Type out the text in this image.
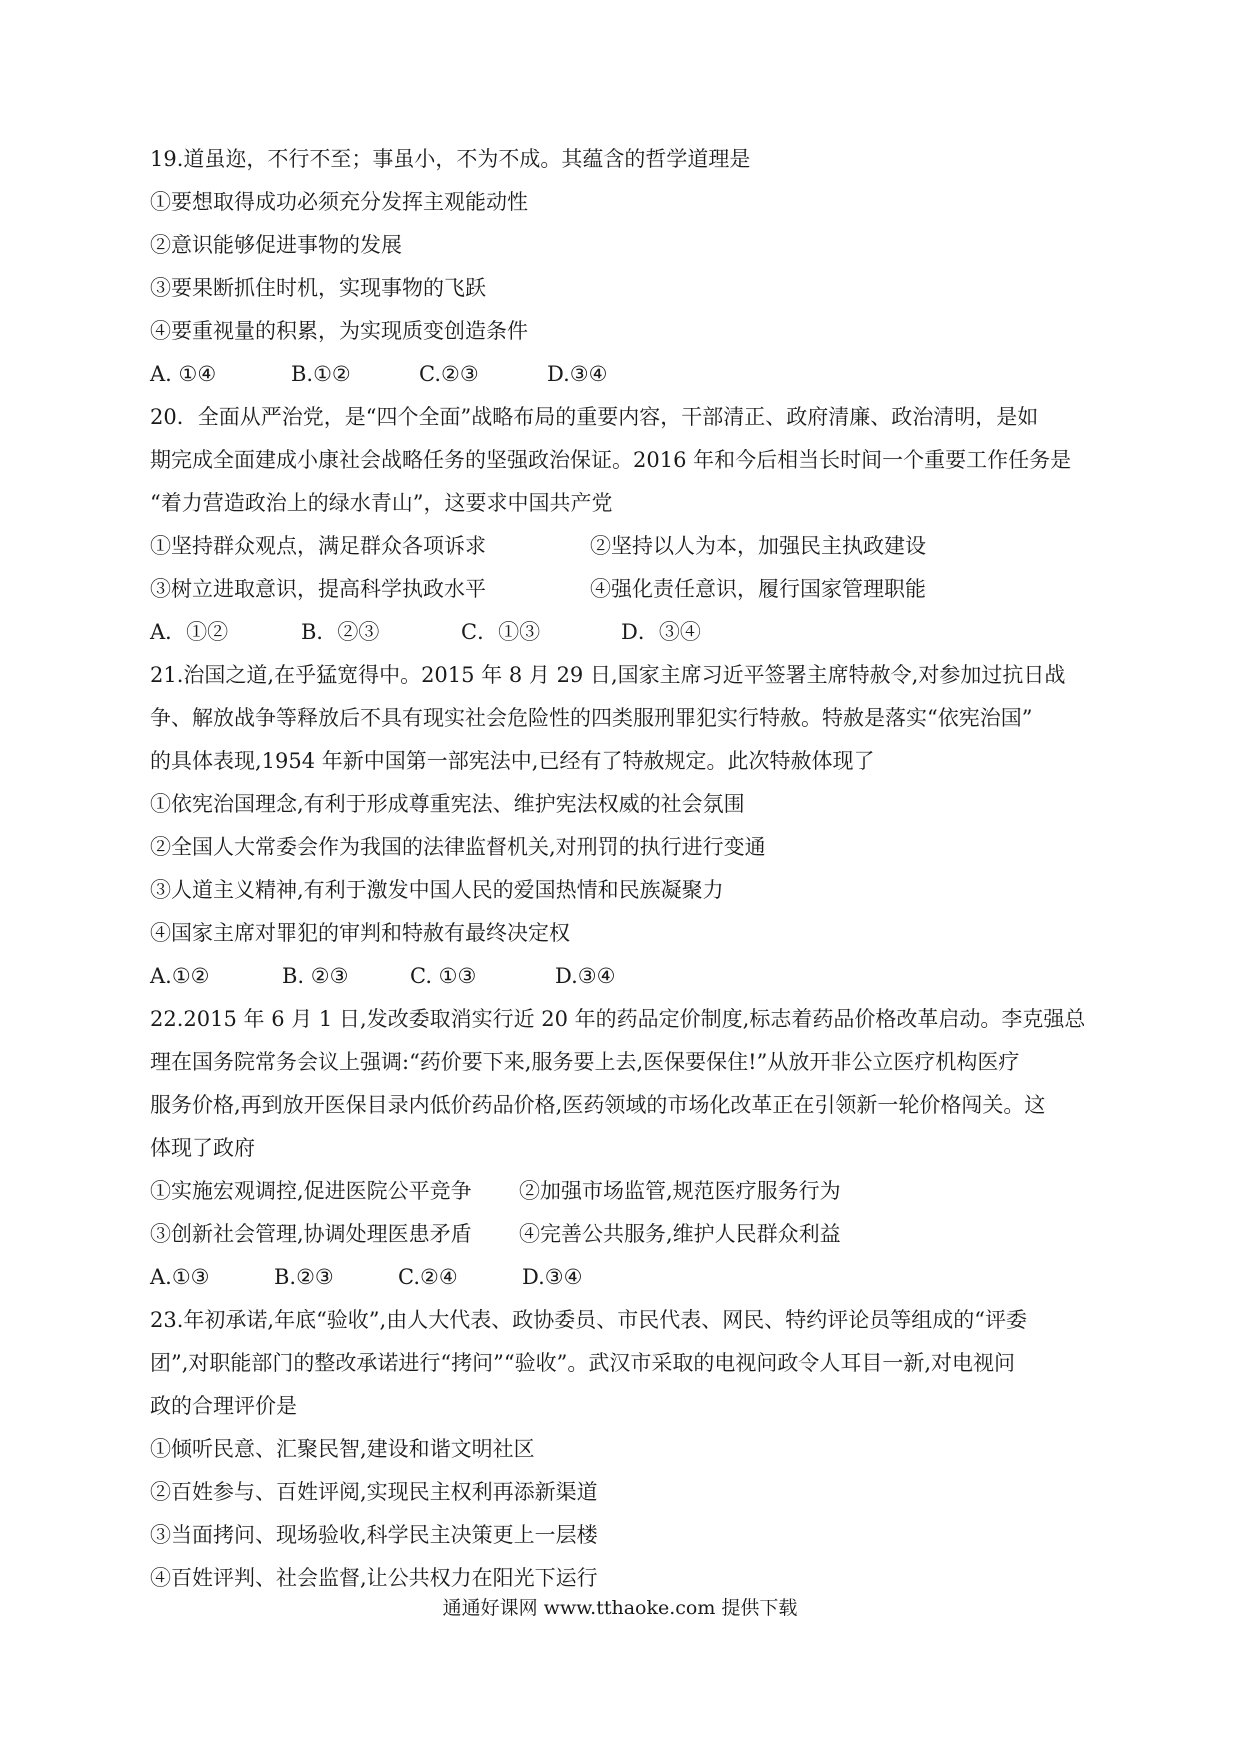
19.道虽迩，不行不至；事虽小，不为不成。其蕴含的哲学道理是
①要想取得成功必须充分发挥主观能动性
②意识能够促进事物的发展
③要果断抓住时机，实现事物的飞跃
④要重视量的积累，为实现质变创造条件
A. ①④	B.①②	C.②③	D.③④
20．全面从严治党，是“四个全面”战略布局的重要内容，干部清正、政府清廉、政治清明，是如
期完成全面建成小康社会战略任务的坚强政治保证。2016 年和今后相当长时间一个重要工作任务是
“着力营造政治上的绿水青山”，这要求中国共产党
①坚持群众观点，满足群众各项诉求	②坚持以人为本，加强民主执政建设
③树立进取意识，提高科学执政水平	④强化责任意识，履行国家管理职能
A．①②	B．②③	C．①③	D．③④
21.治国之道,在乎猛宽得中。2015 年 8 月 29 日,国家主席习近平签署主席特赦令,对参加过抗日战
争、解放战争等释放后不具有现实社会危险性的四类服刑罪犯实行特赦。特赦是落实“依宪治国”
的具体表现,1954 年新中国第一部宪法中,已经有了特赦规定。此次特赦体现了
①依宪治国理念,有利于形成尊重宪法、维护宪法权威的社会氛围
②全国人大常委会作为我国的法律监督机关,对刑罚的执行进行变通
③人道主义精神,有利于激发中国人民的爱国热情和民族凝聚力
④国家主席对罪犯的审判和特赦有最终决定权
A.①②	B. ②③	C. ①③	D.③④
22.2015 年 6 月 1 日,发改委取消实行近 20 年的药品定价制度,标志着药品价格改革启动。李克强总
理在国务院常务会议上强调:“药价要下来,服务要上去,医保要保住!”从放开非公立医疗机构医疗
服务价格,再到放开医保目录内低价药品价格,医药领域的市场化改革正在引领新一轮价格闯关。这
体现了政府
①实施宏观调控,促进医院公平竞争	②加强市场监管,规范医疗服务行为
③创新社会管理,协调处理医患矛盾	④完善公共服务,维护人民群众利益
A.①③	B.②③	C.②④	D.③④
23.年初承诺,年底“验收”,由人大代表、政协委员、市民代表、网民、特约评论员等组成的“评委
团”,对职能部门的整改承诺进行“拷问”“验收”。武汉市采取的电视问政令人耳目一新,对电视问
政的合理评价是
①倾听民意、汇聚民智,建设和谐文明社区
②百姓参与、百姓评阅,实现民主权利再添新渠道
③当面拷问、现场验收,科学民主决策更上一层楼
④百姓评判、社会监督,让公共权力在阳光下运行
通通好课网 www.tthaoke.com 提供下载
